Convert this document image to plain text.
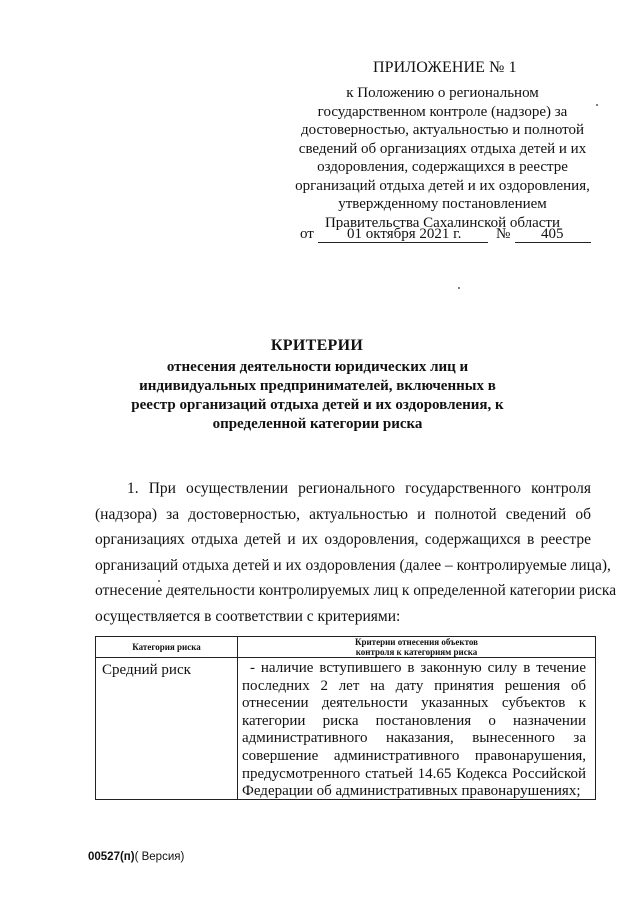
ПРИЛОЖЕНИЕ № 1
к Положению о региональном
государственном контроле (надзоре) за
достоверностью, актуальностью и полнотой
сведений об организациях отдыха детей и их
оздоровления, содержащихся в реестре
организаций отдыха детей и их оздоровления,
утвержденному постановлением
Правительства Сахалинской области
от 01 октября 2021 г. № 405
КРИТЕРИИ
отнесения деятельности юридических лиц и
индивидуальных предпринимателей, включенных в
реестр организаций отдыха детей и их оздоровления, к
определенной категории риска
1. При осуществлении регионального государственного контроля
(надзора) за достоверностью, актуальностью и полнотой сведений об
организациях отдыха детей и их оздоровления, содержащихся в реестре
организаций отдыха детей и их оздоровления (далее – контролируемые лица),
отнесение деятельности контролируемых лиц к определенной категории риска
осуществляется в соответствии с критериями:
Категория риска	Критерии отнесения объектов
контроля к категориям риска
Средний риск	- наличие вступившего в законную силу в течение
последних 2 лет на дату принятия решения об
отнесении деятельности указанных субъектов к
категории риска постановления о назначении
административного наказания, вынесенного за
совершение административного правонарушения,
предусмотренного статьей 14.65 Кодекса Российской
Федерации об административных правонарушениях;
00527(п)( Версия)
